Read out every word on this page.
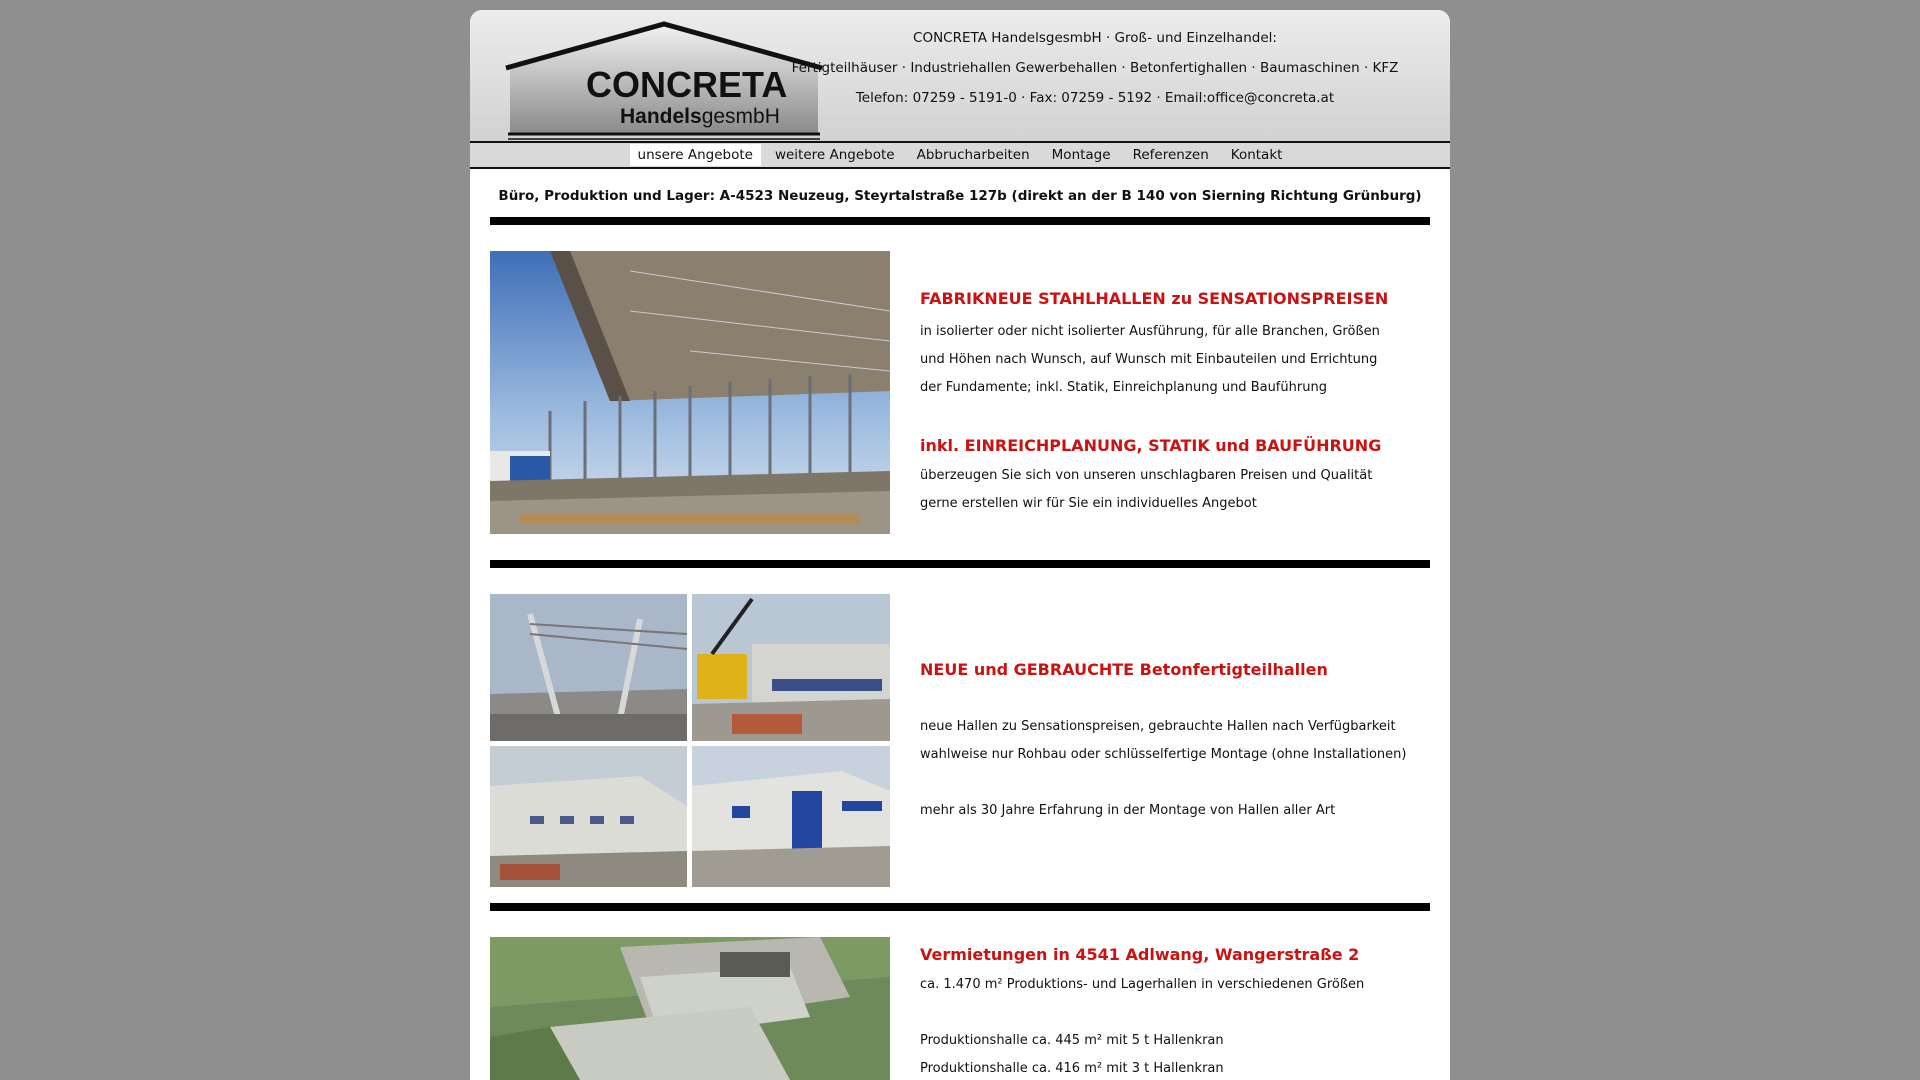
CONCRETA
HandelsgesmbH
CONCRETA HandelsgesmbH · Groß- und Einzelhandel:
Fertigteilhäuser · Industriehallen Gewerbehallen · Betonfertighallen · Baumaschinen · KFZ
Telefon: 07259 - 5191-0 · Fax: 07259 - 5192 · Email:office@concreta.at
unsere Angebote	weitere Angebote	Abbrucharbeiten	Montage	Referenzen	Kontakt
Büro, Produktion und Lager: A-4523 Neuzeug, Steyrtalstraße 127b (direkt an der B 140 von Sierning Richtung Grünburg)
FABRIKNEUE STAHLHALLEN zu SENSATIONSPREISEN
in isolierter oder nicht isolierter Ausführung, für alle Branchen, Größen
und Höhen nach Wunsch, auf Wunsch mit Einbauteilen und Errichtung
der Fundamente; inkl. Statik, Einreichplanung und Bauführung
inkl. EINREICHPLANUNG, STATIK und BAUFÜHRUNG
überzeugen Sie sich von unseren unschlagbaren Preisen und Qualität
gerne erstellen wir für Sie ein individuelles Angebot
NEUE und GEBRAUCHTE Betonfertigteilhallen
neue Hallen zu Sensationspreisen, gebrauchte Hallen nach Verfügbarkeit
wahlweise nur Rohbau oder schlüsselfertige Montage (ohne Installationen)
mehr als 30 Jahre Erfahrung in der Montage von Hallen aller Art
Vermietungen in 4541 Adlwang, Wangerstraße 2
ca. 1.470 m² Produktions- und Lagerhallen in verschiedenen Größen
Produktionshalle ca. 445 m² mit 5 t Hallenkran
Produktionshalle ca. 416 m² mit 3 t Hallenkran
